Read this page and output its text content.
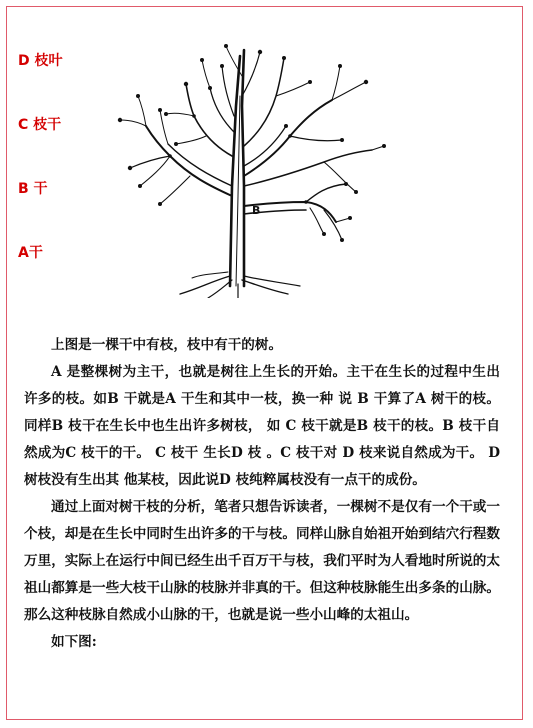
D 枝叶
C 枝干
B 干
A干
B

上图是一棵干中有枝，枝中有干的树。

A 是整棵树为主干，也就是树往上生长的开始。主干在生长的过程中生出许多的枝。如B 干就是A 干生和其中一枝，换一种 说 B 干算了A 树干的枝。同样B 枝干在生长中也生出许多树枝， 如 C 枝干就是B 枝干的枝。B 枝干自然成为C 枝干的干。 C 枝干 生长D 枝 。C 枝干对 D 枝来说自然成为干。 D 树枝没有生出其 他某枝，因此说D 枝纯粹属枝没有一点干的成份。

通过上面对树干枝的分析，笔者只想告诉读者，一棵树不是仅有一个干或一个枝，却是在生长中同时生出许多的干与枝。同样山脉自始祖开始到结穴行程数万里，实际上在运行中间已经生出千百万干与枝，我们平时为人看地时所说的太祖山都算是一些大枝干山脉的枝脉并非真的干。但这种枝脉能生出多条的山脉。那么这种枝脉自然成小山脉的干，也就是说一些小山峰的太祖山。

如下图:
